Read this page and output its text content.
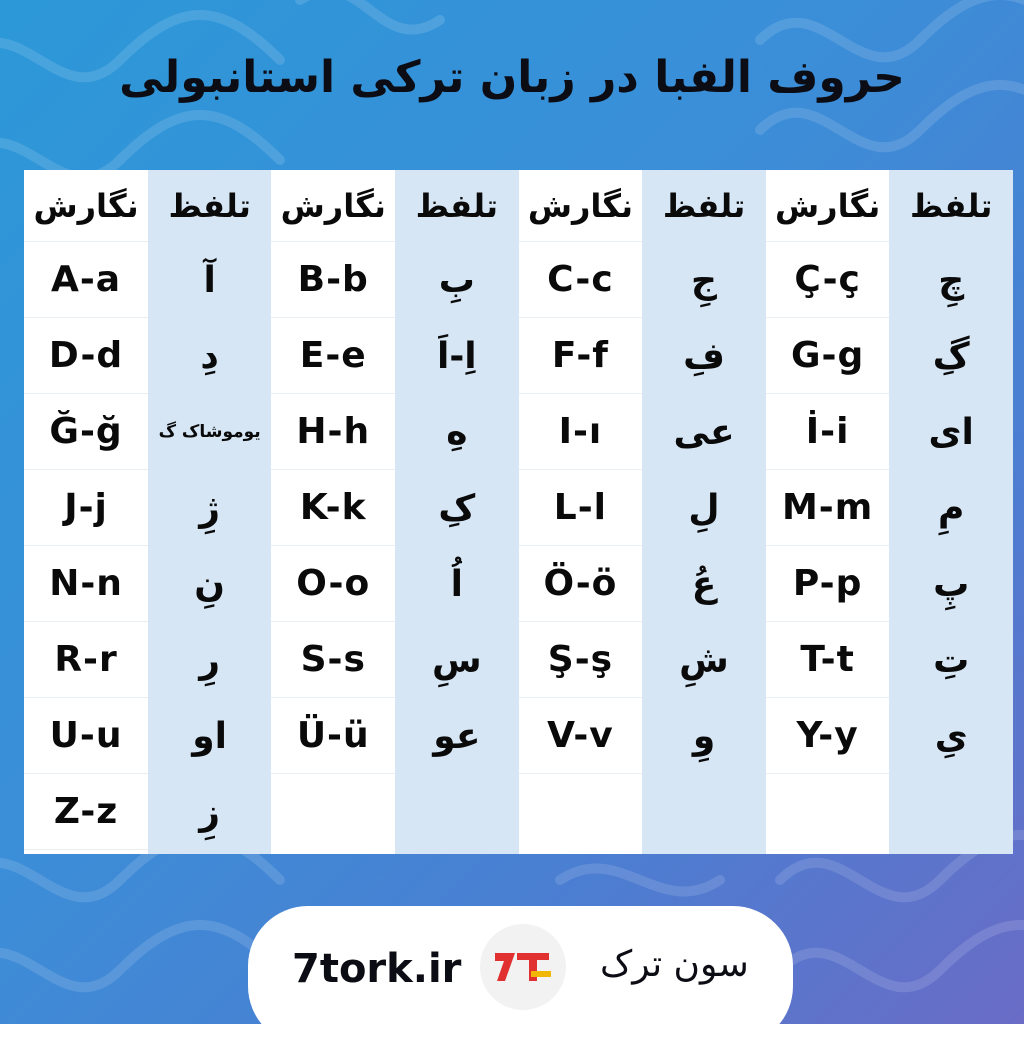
حروف الفبا در زبان ترکی استانبولی
تلفظ
چِ
گِ
ای
مِ
پِ
تِ
یِ
نگارش
Ç-ç
G-g
İ-i
M-m
P-p
T-t
Y-y
تلفظ
جِ
فِ
عی
لِ
عُ
شِ
وِ
نگارش
C-c
F-f
I-ı
L-l
Ö-ö
Ş-ş
V-v
تلفظ
بِ
اِ-اَ
هِ
کِ
اُ
سِ
عو
نگارش
B-b
E-e
H-h
K-k
O-o
S-s
Ü-ü
تلفظ
آ
دِ
یوموشاک گ
ژِ
نِ
رِ
او
زِ
نگارش
A-a
D-d
Ğ-ğ
J-j
N-n
R-r
U-u
Z-z
7tork.ir	سون ترک
